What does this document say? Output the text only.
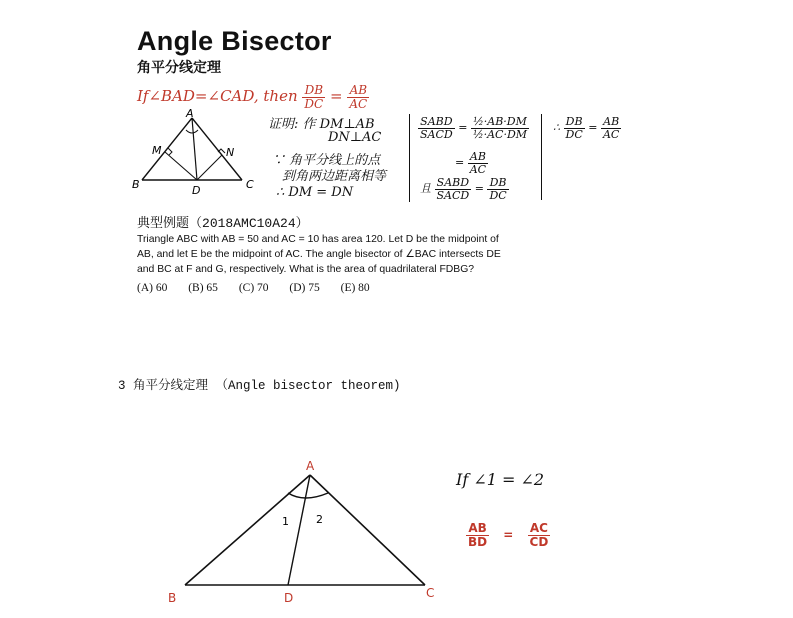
Angle Bisector
角平分线定理
If∠BAD=∠CAD, then $\frac{DB}{DC} = \frac{AB}{AC}$
A
B	C
D
M	N
证明: 作 DM⊥AB
DN⊥AC
∵ 角平分线上的点
到角两边距离相等
∴ DM = DN
$\frac{\text{SABD}}{\text{SACD}} = \frac{\text{½·AB·DM}}{\text{½·AC·DM}}$
= $\frac{AB}{AC}$
且 $\frac{\text{SABD}}{\text{SACD}} = \frac{DB}{DC}$
∴ $\frac{DB}{DC} = \frac{AB}{AC}$
典型例题（2018AMC10A24）
Triangle ABC with AB = 50 and AC = 10 has area 120. Let D be the midpoint of
AB, and let E be the midpoint of AC. The angle bisector of ∠BAC intersects DE
and BC at F and G, respectively. What is the area of quadrilateral FDBG?
(A) 60 (B) 65 (C) 70 (D) 75 (E) 80
3 角平分线定理 （Angle bisector theorem)
A
B	C
D
1 2
If ∠1 = ∠2
$\frac{AB}{BD} = \frac{AC}{CD}$
